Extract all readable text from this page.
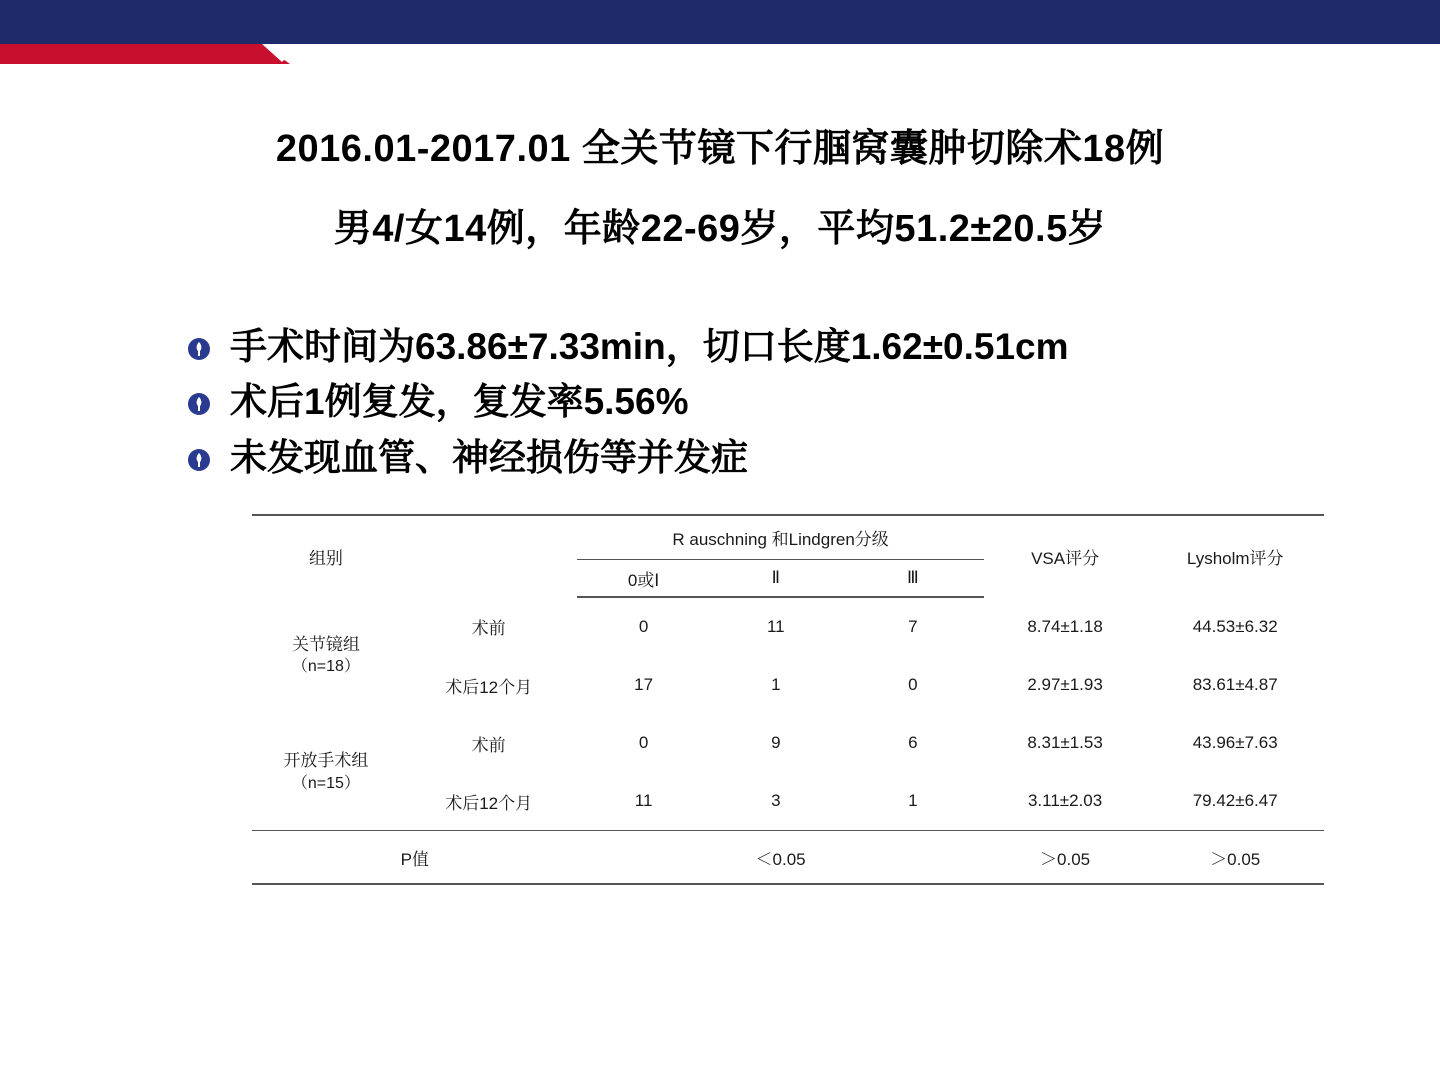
2016.01-2017.01 全关节镜下行腘窝囊肿切除术18例
男4/女14例，年龄22-69岁，平均51.2±20.5岁
手术时间为63.86±7.33min，切口长度1.62±0.51cm
术后1例复发，复发率5.56%
未发现血管、神经损伤等并发症
组别		R auschning 和Lindgren分级			VSA评分	Lysholm评分
		0或Ⅰ	Ⅱ	Ⅲ		
关节镜组
（n=18）	术前	0	11	7	8.74±1.18	44.53±6.32
	术后12个月	17	1	0	2.97±1.93	83.61±4.87
开放手术组
（n=15）	术前	0	9	6	8.31±1.53	43.96±7.63
	术后12个月	11	3	1	3.11±2.03	79.42±6.47
P值		＜0.05			＞0.05	＞0.05
